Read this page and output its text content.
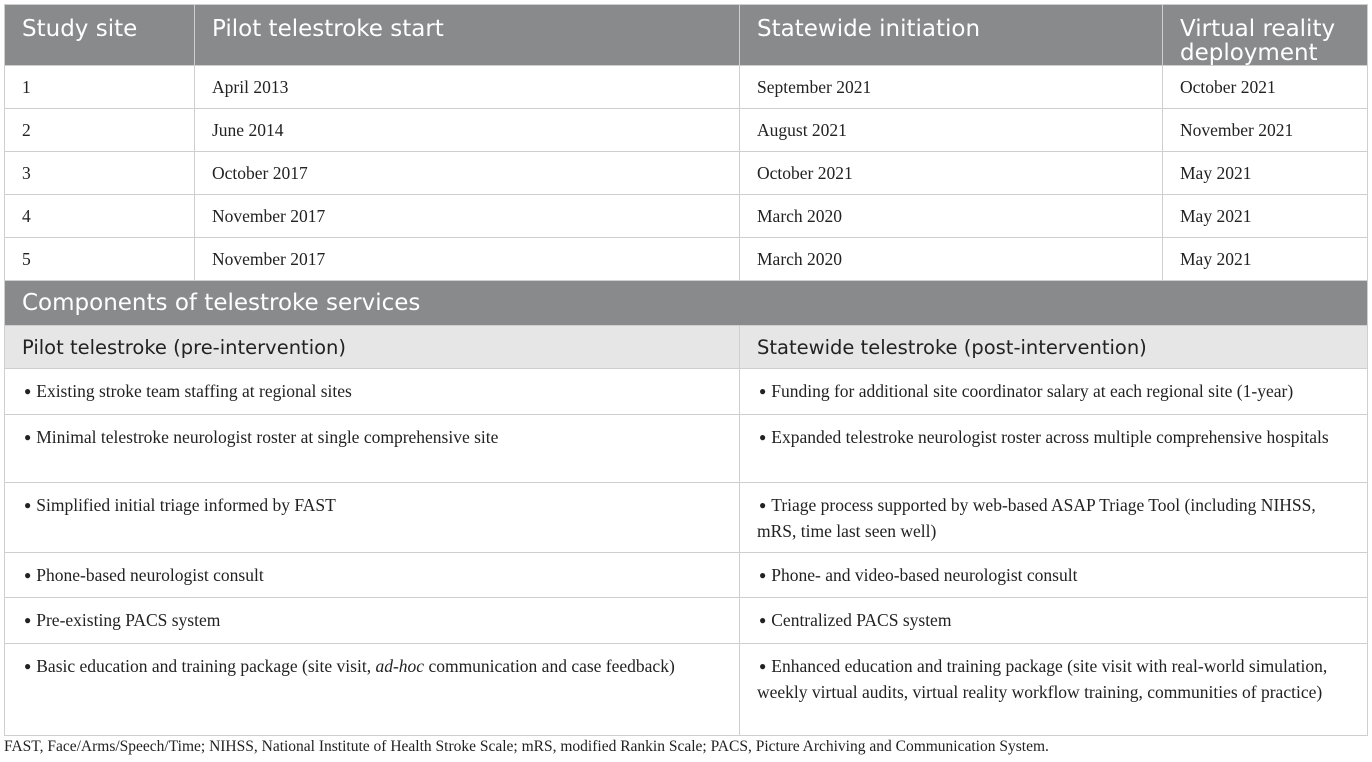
Study site	Pilot telestroke start	Statewide initiation	Virtual reality deployment
1	April 2013	September 2021	October 2021
2	June 2014	August 2021	November 2021
3	October 2017	October 2021	May 2021
4	November 2017	March 2020	May 2021
5	November 2017	March 2020	May 2021
Components of telestroke services			
Pilot telestroke (pre-intervention)		Statewide telestroke (post-intervention)	
● Existing stroke team staffing at regional sites		● Funding for additional site coordinator salary at each regional site (1-year)	
● Minimal telestroke neurologist roster at single comprehensive site		● Expanded telestroke neurologist roster across multiple comprehensive hospitals	
● Simplified initial triage informed by FAST		● Triage process supported by web-based ASAP Triage Tool (including NIHSS, mRS, time last seen well)	
● Phone-based neurologist consult		● Phone- and video-based neurologist consult	
● Pre-existing PACS system		● Centralized PACS system	
● Basic education and training package (site visit, ad-hoc communication and case feedback)		● Enhanced education and training package (site visit with real-world simulation, weekly virtual audits, virtual reality workflow training, communities of practice)	
FAST, Face/Arms/Speech/Time; NIHSS, National Institute of Health Stroke Scale; mRS, modified Rankin Scale; PACS, Picture Archiving and Communication System.
